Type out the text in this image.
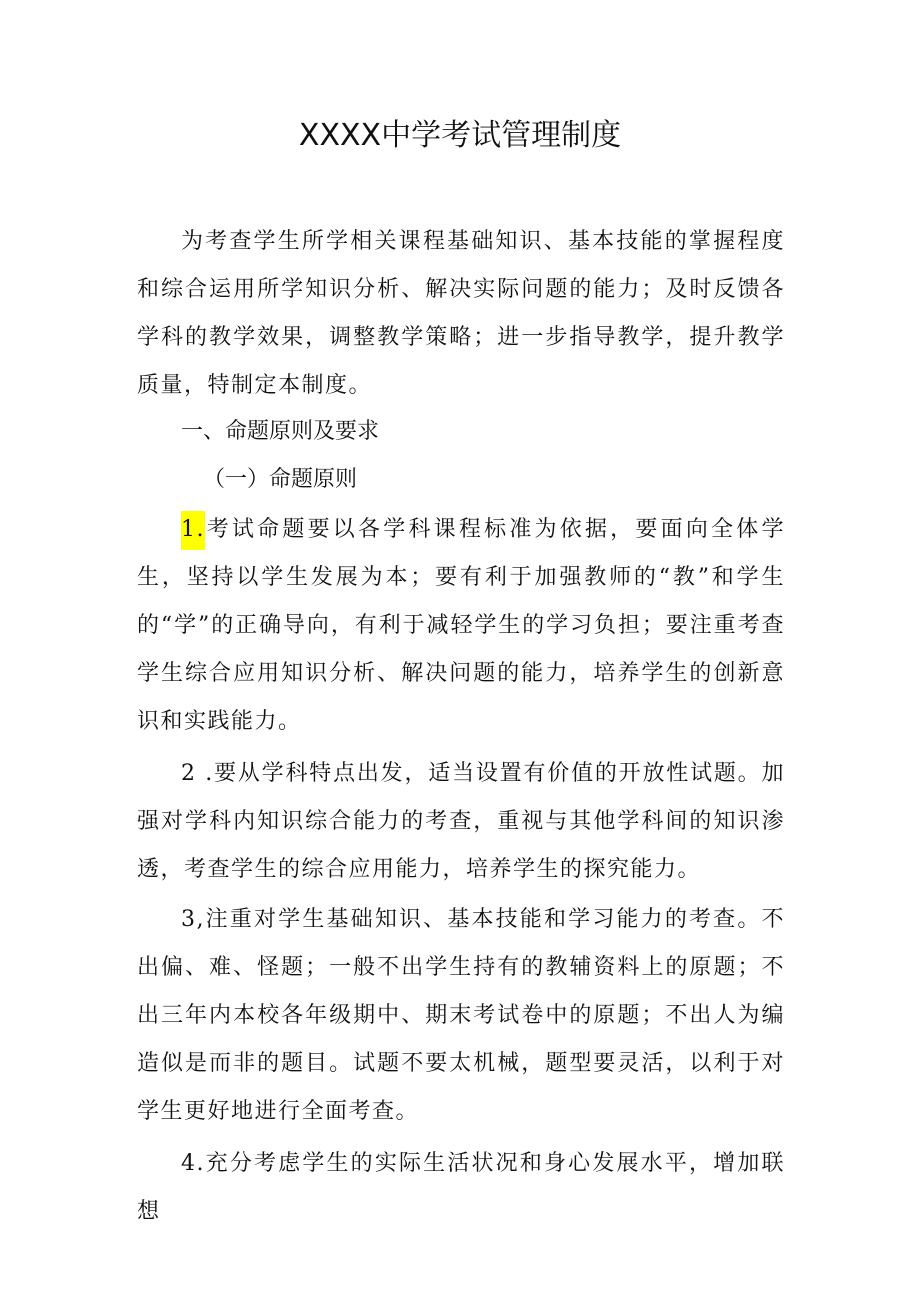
XXXX中学考试管理制度

为考查学生所学相关课程基础知识、基本技能的掌握程度和综合运用所学知识分析、解决实际问题的能力；及时反馈各学科的教学效果，调整教学策略；进一步指导教学，提升教学质量，特制定本制度。

一、命题原则及要求
（一）命题原则

1.考试命题要以各学科课程标准为依据，要面向全体学生，坚持以学生发展为本；要有利于加强教师的“教”和学生的“学”的正确导向，有利于减轻学生的学习负担；要注重考查学生综合应用知识分析、解决问题的能力，培养学生的创新意识和实践能力。

2 .要从学科特点出发，适当设置有价值的开放性试题。加强对学科内知识综合能力的考查，重视与其他学科间的知识渗透，考查学生的综合应用能力，培养学生的探究能力。

3,注重对学生基础知识、基本技能和学习能力的考查。不出偏、难、怪题；一般不出学生持有的教辅资料上的原题；不出三年内本校各年级期中、期末考试卷中的原题；不出人为编造似是而非的题目。试题不要太机械，题型要灵活，以利于对学生更好地进行全面考查。

4.充分考虑学生的实际生活状况和身心发展水平，增加联想
